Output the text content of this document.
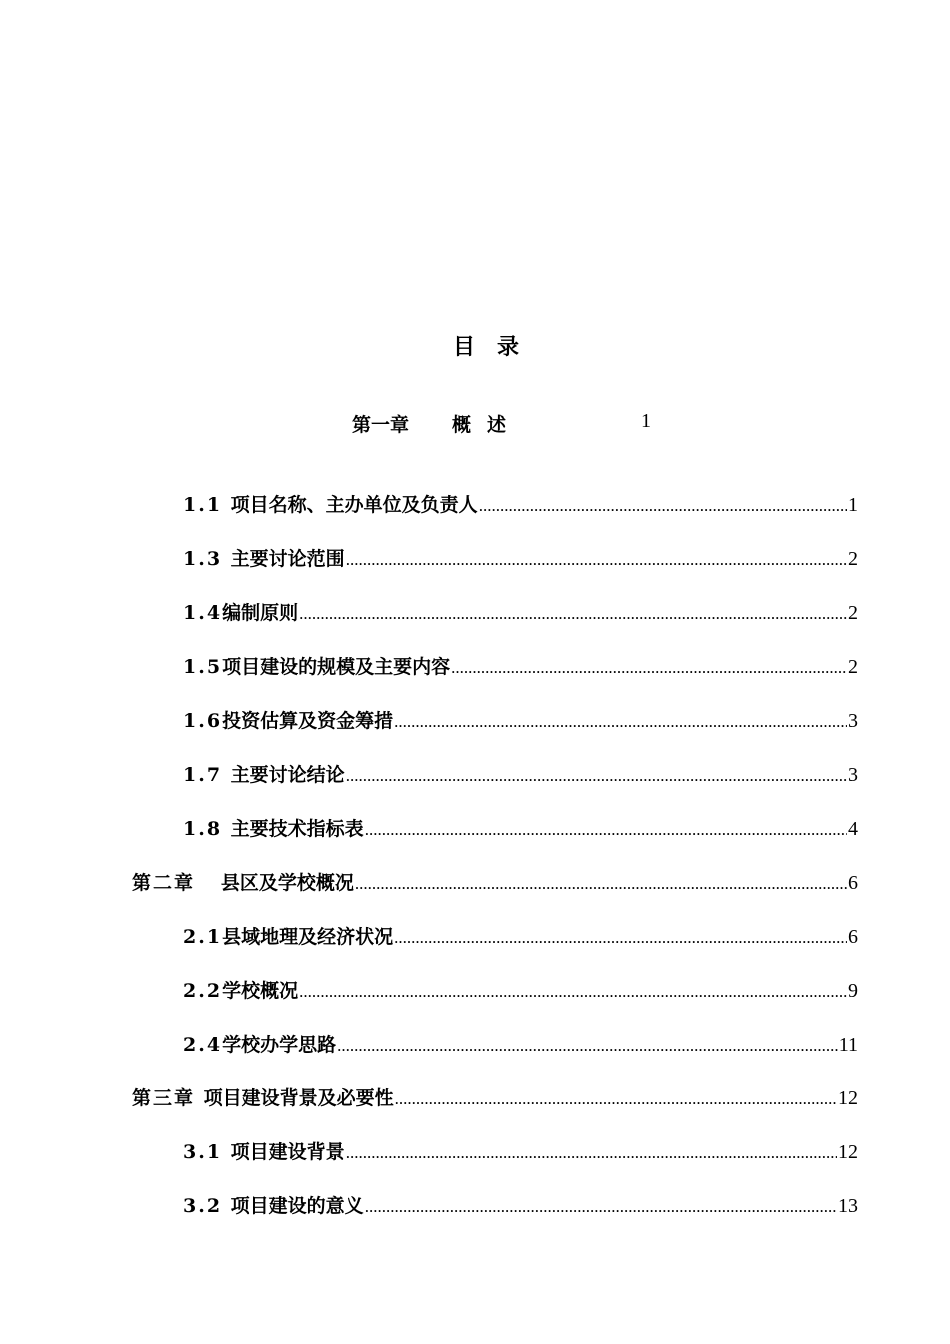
目录
第一章 概述	1
1.1 项目名称、主办单位及负责人 .....	1
1.3 主要讨论范围 .....	2
1.4 编制原则 .....	2
1.5 项目建设的规模及主要内容 .....	2
1.6 投资估算及资金筹措 .....	3
1.7 主要讨论结论 .....	3
1.8 主要技术指标表 .....	4
第二章 县区及学校概况 .....	6
2.1 县域地理及经济状况 .....	6
2.2 学校概况 .....	9
2.4 学校办学思路 .....	11
第三章 项目建设背景及必要性 .....	12
3.1 项目建设背景 .....	12
3.2 项目建设的意义 .....	13
